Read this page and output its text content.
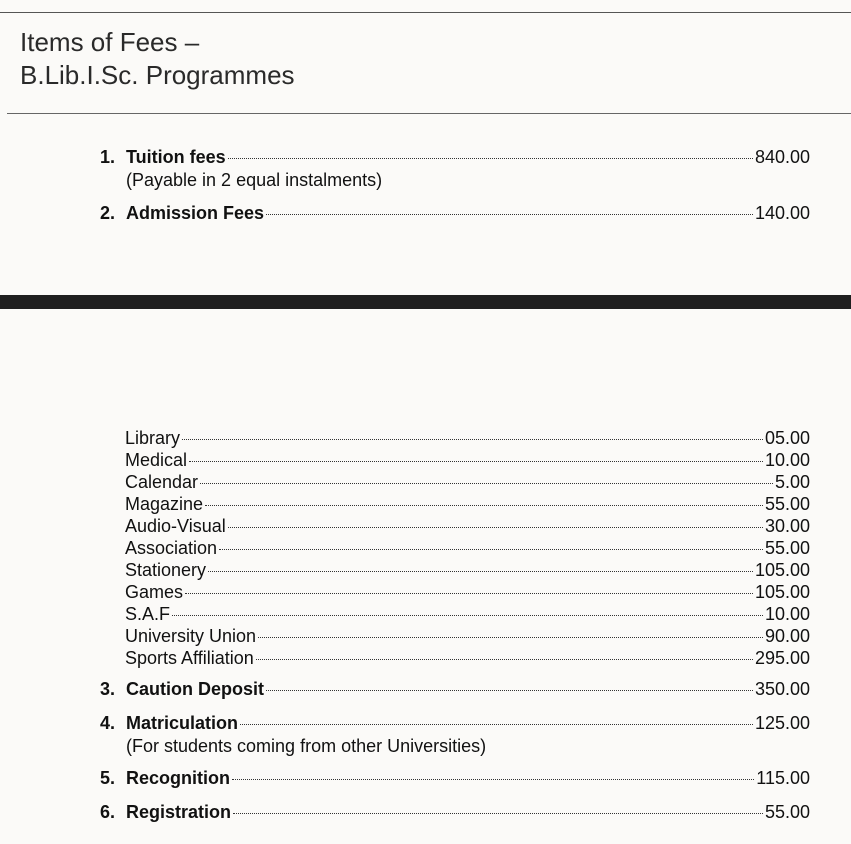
Items of Fees –
B.Lib.I.Sc. Programmes
1. Tuition fees	840.00
(Payable in 2 equal instalments)
2. Admission Fees	140.00
Library	05.00
Medical	10.00
Calendar	5.00
Magazine	55.00
Audio-Visual	30.00
Association	55.00
Stationery	105.00
Games	105.00
S.A.F	10.00
University Union	90.00
Sports Affiliation	295.00
3. Caution Deposit	350.00
4. Matriculation	125.00
(For students coming from other Universities)
5. Recognition	115.00
6. Registration	55.00
